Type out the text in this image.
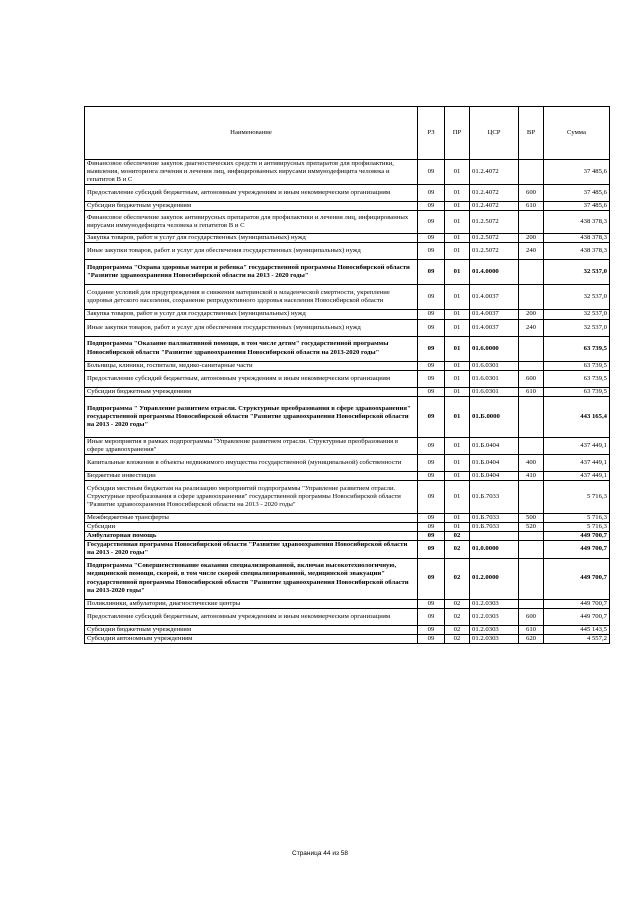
Наименование	РЗ	ПР	ЦСР	ВР	Сумма
Финансовое обеспечение закупок диагностических средств и антивирусных препаратов для профилактики, выявления, мониторинга лечения и лечения лиц, инфицированных вирусами иммунодефицита человека и гепатитов В и С	09	01	01.2.4072		37 485,6
Предоставление субсидий бюджетным, автономным учреждениям и иным некоммерческим организациям	09	01	01.2.4072	600	37 485,6
Субсидии бюджетным учреждениям	09	01	01.2.4072	610	37 485,6
Финансовое обеспечение закупок антивирусных препаратов для профилактики и лечения лиц, инфицированных вирусами иммунодефицита человека и гепатитов В и С	09	01	01.2.5072		438 378,3
Закупка товаров, работ и услуг для государственных (муниципальных) нужд	09	01	01.2.5072	200	438 378,3
Иные закупки товаров, работ и услуг для обеспечения государственных (муниципальных) нужд	09	01	01.2.5072	240	438 378,3
Подпрограмма "Охрана здоровья матери и ребенка" государственной программы Новосибирской области "Развитие здравоохранения Новосибирской области на 2013 - 2020 годы"	09	01	01.4.0000		32 537,0
Создание условий для предупреждения и снижения материнской и младенческой смертности, укрепление здоровья детского населения, сохранение репродуктивного здоровья населения Новосибирской области	09	01	01.4.0037		32 537,0
Закупка товаров, работ и услуг для государственных (муниципальных) нужд	09	01	01.4.0037	200	32 537,0
Иные закупки товаров, работ и услуг для обеспечения государственных (муниципальных) нужд	09	01	01.4.0037	240	32 537,0
Подпрограмма "Оказание паллиативной помощи, в том числе детям" государственной программы Новосибирской области "Развитие здравоохранения Новосибирской области на 2013-2020 годы"	09	01	01.6.0000		63 739,5
Больницы, клиники, госпитали, медико-санитарные части	09	01	01.6.0301		63 739,5
Предоставление субсидий бюджетным, автономным учреждениям и иным некоммерческим организациям	09	01	01.6.0301	600	63 739,5
Субсидии бюджетным учреждениям	09	01	01.6.0301	610	63 739,5
Подпрограмма " Управление развитием отрасли. Структурные преобразования в сфере здравоохранения" государственной программы Новосибирской области "Развитие здравоохранения Новосибирской области на 2013 - 2020 годы"	09	01	01.Б.0000		443 165,4
Иные мероприятия в рамках подпрограммы "Управление развитием отрасли. Структурные преобразования в сфере здравоохранения"	09	01	01.Б.0404		437 449,1
Капитальные вложения в объекты недвижимого имущества государственной (муниципальной) собственности	09	01	01.Б.0404	400	437 449,1
Бюджетные инвестиции	09	01	01.Б.0404	410	437 449,1
Субсидии местным бюджетам на реализацию мероприятий подпрограммы "Управление развитием отрасли. Структурные преобразования в сфере здравоохранения" государственной программы Новосибирской области "Развитие здравоохранения Новосибирской области на 2013 - 2020 годы"	09	01	01.Б.7033		5 716,3
Межбюджетные трансферты	09	01	01.Б.7033	500	5 716,3
Субсидии	09	01	01.Б.7033	520	5 716,3
Амбулаторная помощь	09	02			449 700,7
Государственная программа Новосибирской области "Развитие здравоохранения Новосибирской области на 2013 - 2020 годы"	09	02	01.0.0000		449 700,7
Подпрограмма "Совершенствование оказания специализированной, включая высокотехнологичную, медицинской помощи, скорой, в том числе скорой специализированной, медицинской эвакуации" государственной программы Новосибирской области "Развитие здравоохранения Новосибирской области на 2013-2020 годы"	09	02	01.2.0000		449 700,7
Поликлиники, амбулатории, диагностические центры	09	02	01.2.0303		449 700,7
Предоставление субсидий бюджетным, автономным учреждениям и иным некоммерческим организациям	09	02	01.2.0303	600	449 700,7
Субсидии бюджетным учреждениям	09	02	01.2.0303	610	445 143,5
Субсидии автономным учреждениям	09	02	01.2.0303	620	4 557,2
Страница 44 из 58
